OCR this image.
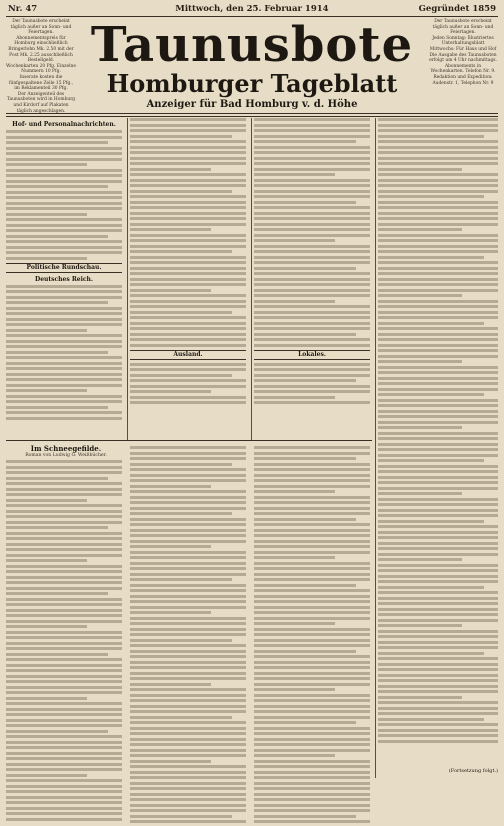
Nr. 47	Mittwoch, den 25. Februar 1914	Gegründet 1859
Der Taunusbote erscheint täglich außer an Sonn- und Feiertagen.
Abonnementspreis für Homburg einschließlich Bringerlohn Mk. 2.50 mit der Post Mk. 2.25 ausschließlich Bestellgeld.
Wochenkarten 20 Pfg. Einzelne Nummern 10 Pfg.
Inserate kosten die fünfgespaltene Zeile 15 Pfg., im Reklamenteil 30 Pfg.
Der Anzeigenteil des Taunusboten wird in Homburg und Kirdorf auf Plakaten täglich angeschlagen.
Taunusbote
Homburger Tageblatt
Anzeiger für Bad Homburg v. d. Höhe
Der Taunusbote erscheint täglich außer an Sonn- und Feiertagen.
Jeden Sonntag: Illustriertes Unterhaltungsblatt
Mittwochs: Für Haus und Hof
Die Ausgabe des Taunusboten erfolgt um 4 Uhr nachmittags.
Abonnements in Wochenkarten. Telefon Nr. 9.
Redaktion und Expedition: Audenstr. 1, Telephon Nr. 9
Hof- und Personalnachrichten.
Politische Rundschau.
Deutsches Reich.
Ausland.	Lokales.
Im Schneegefilde.
Roman von Ludwig G. Weißbücher.
(Fortsetzung folgt.)
